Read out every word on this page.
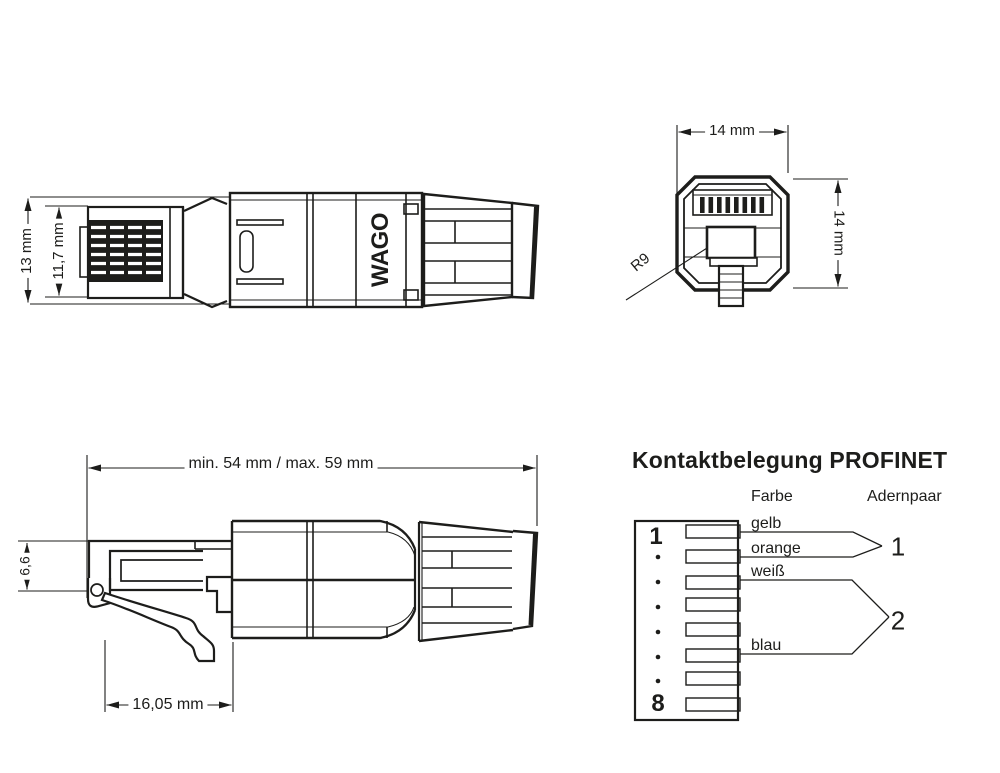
13 mm 11,7 mm	WAGO
14 mm
14 mm
R9
min. 54 mm / max. 59 mm
6,6
16,05 mm
Kontaktbelegung PROFINET
Farbe	Adernpaar
1
8
gelb
orange
weiß
blau
1
2
